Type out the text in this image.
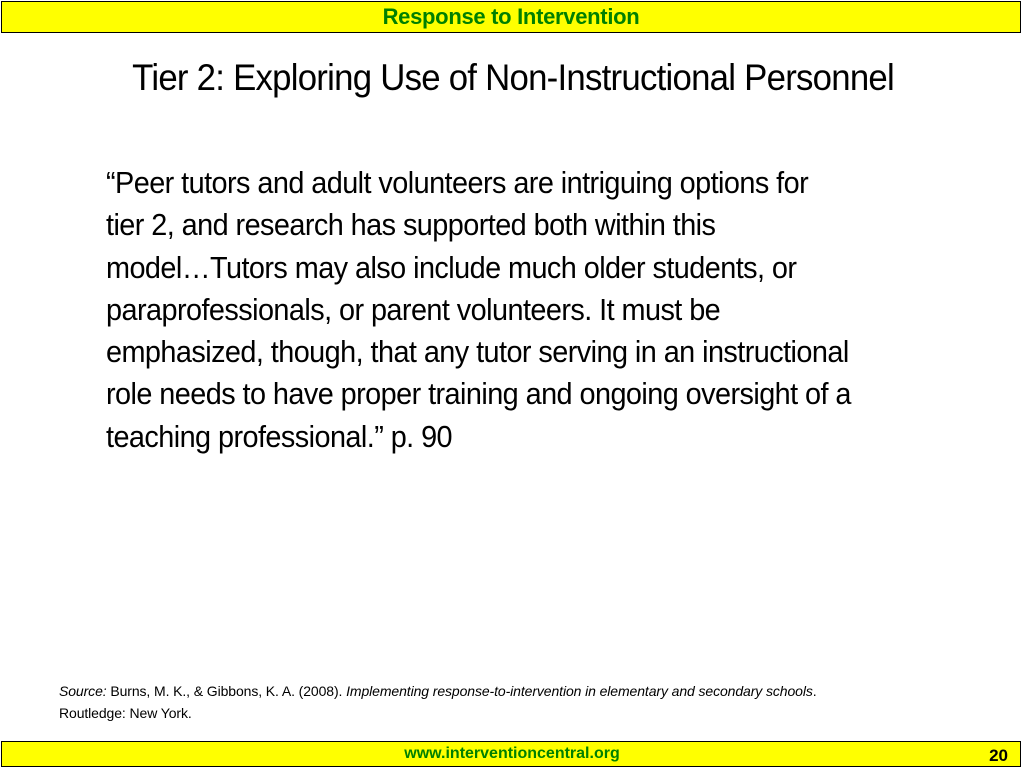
Response to Intervention
Tier 2: Exploring Use of Non-Instructional Personnel
“Peer tutors and adult volunteers are intriguing options for
tier 2, and research has supported both within this
model…Tutors may also include much older students, or
paraprofessionals, or parent volunteers. It must be
emphasized, though, that any tutor serving in an instructional
role needs to have proper training and ongoing oversight of a
teaching professional.” p. 90
Source: Burns, M. K., & Gibbons, K. A. (2008). Implementing response-to-intervention in elementary and secondary schools.
Routledge: New York.
www.interventioncentral.org	20
